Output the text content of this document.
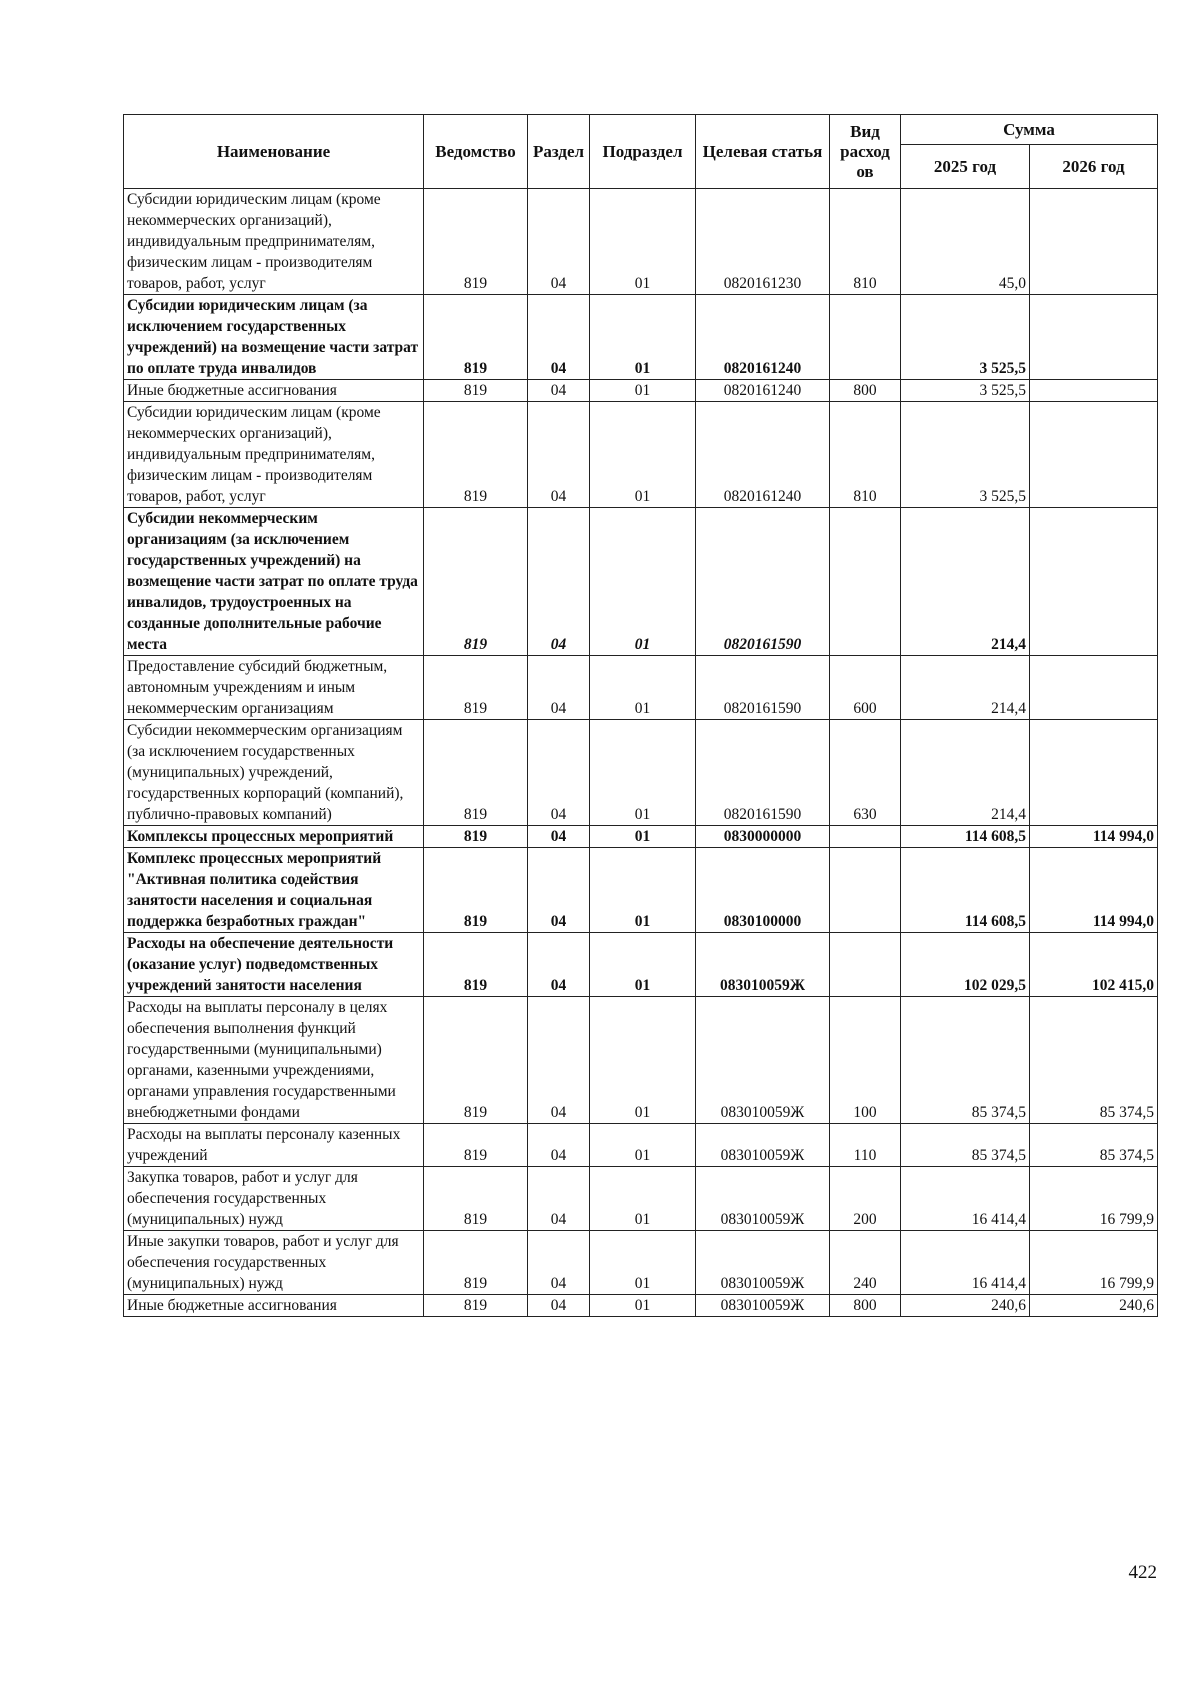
Наименование	Ведомство	Раздел	Подраздел	Целевая статья	Вид расход ов	Сумма	
						2025 год	2026 год
Субсидии юридическим лицам (кроме некоммерческих организаций), индивидуальным предпринимателям, физическим лицам - производителям товаров, работ, услуг	819	04	01	0820161230	810	45,0	
Субсидии юридическим лицам (за исключением государственных учреждений) на возмещение части затрат по оплате труда инвалидов	819	04	01	0820161240		3 525,5	
Иные бюджетные ассигнования	819	04	01	0820161240	800	3 525,5	
Субсидии юридическим лицам (кроме некоммерческих организаций), индивидуальным предпринимателям, физическим лицам - производителям товаров, работ, услуг	819	04	01	0820161240	810	3 525,5	
Субсидии некоммерческим организациям (за исключением государственных учреждений) на возмещение части затрат по оплате труда инвалидов, трудоустроенных на созданные дополнительные рабочие места	819	04	01	0820161590		214,4	
Предоставление субсидий бюджетным, автономным учреждениям и иным некоммерческим организациям	819	04	01	0820161590	600	214,4	
Субсидии некоммерческим организациям (за исключением государственных (муниципальных) учреждений, государственных корпораций (компаний), публично-правовых компаний)	819	04	01	0820161590	630	214,4	
Комплексы процессных мероприятий	819	04	01	0830000000		114 608,5	114 994,0
Комплекс процессных мероприятий "Активная политика содействия занятости населения и социальная поддержка безработных граждан"	819	04	01	0830100000		114 608,5	114 994,0
Расходы на обеспечение деятельности (оказание услуг) подведомственных учреждений занятости населения	819	04	01	083010059Ж		102 029,5	102 415,0
Расходы на выплаты персоналу в целях обеспечения выполнения функций государственными (муниципальными) органами, казенными учреждениями, органами управления государственными внебюджетными фондами	819	04	01	083010059Ж	100	85 374,5	85 374,5
Расходы на выплаты персоналу казенных учреждений	819	04	01	083010059Ж	110	85 374,5	85 374,5
Закупка товаров, работ и услуг для обеспечения государственных (муниципальных) нужд	819	04	01	083010059Ж	200	16 414,4	16 799,9
Иные закупки товаров, работ и услуг для обеспечения государственных (муниципальных) нужд	819	04	01	083010059Ж	240	16 414,4	16 799,9
Иные бюджетные ассигнования	819	04	01	083010059Ж	800	240,6	240,6
422
